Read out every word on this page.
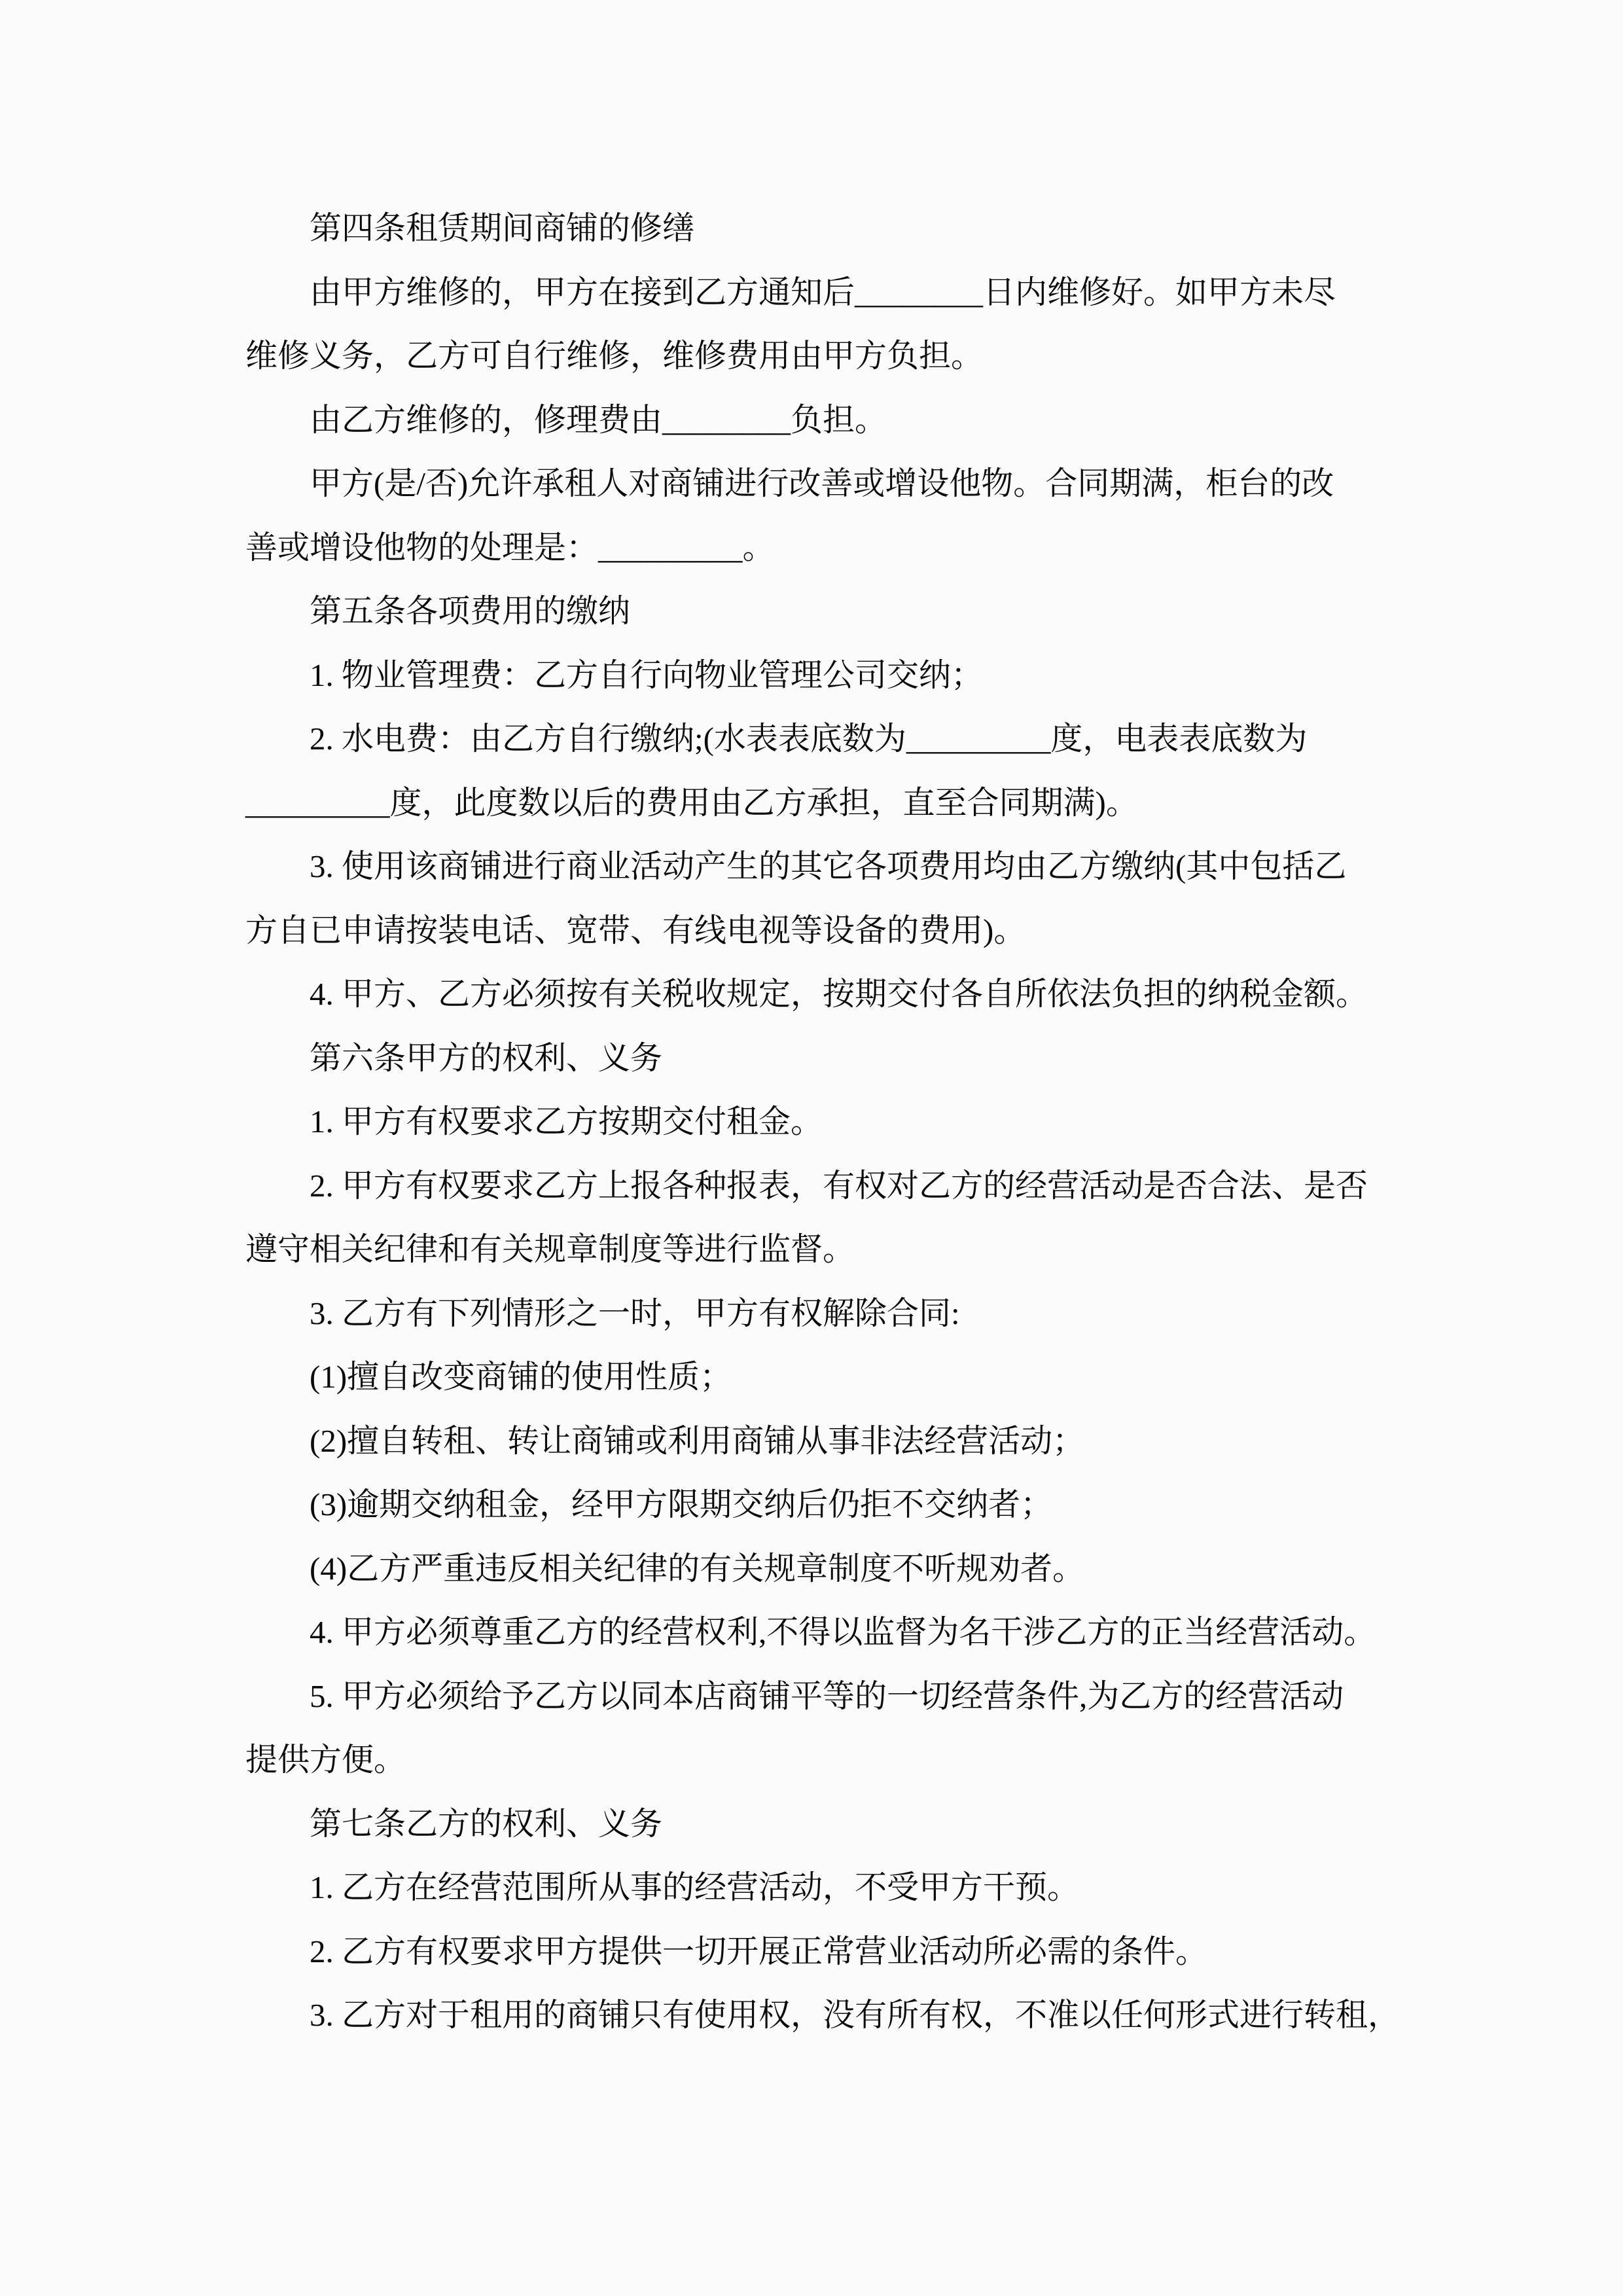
第四条租赁期间商铺的修缮
由甲方维修的，甲方在接到乙方通知后________日内维修好。如甲方未尽
维修义务，乙方可自行维修，维修费用由甲方负担。
由乙方维修的，修理费由________负担。
甲方(是/否)允许承租人对商铺进行改善或增设他物。合同期满，柜台的改
善或增设他物的处理是：_________。
第五条各项费用的缴纳
1. 物业管理费：乙方自行向物业管理公司交纳；
2. 水电费：由乙方自行缴纳;(水表表底数为_________度，电表表底数为
_________度，此度数以后的费用由乙方承担，直至合同期满)。
3. 使用该商铺进行商业活动产生的其它各项费用均由乙方缴纳(其中包括乙
方自已申请按装电话、宽带、有线电视等设备的费用)。
4. 甲方、乙方必须按有关税收规定，按期交付各自所依法负担的纳税金额。
第六条甲方的权利、义务
1. 甲方有权要求乙方按期交付租金。
2. 甲方有权要求乙方上报各种报表，有权对乙方的经营活动是否合法、是否
遵守相关纪律和有关规章制度等进行监督。
3. 乙方有下列情形之一时，甲方有权解除合同:
(1)擅自改变商铺的使用性质；
(2)擅自转租、转让商铺或利用商铺从事非法经营活动；
(3)逾期交纳租金，经甲方限期交纳后仍拒不交纳者；
(4)乙方严重违反相关纪律的有关规章制度不听规劝者。
4. 甲方必须尊重乙方的经营权利,不得以监督为名干涉乙方的正当经营活动。
5. 甲方必须给予乙方以同本店商铺平等的一切经营条件,为乙方的经营活动
提供方便。
第七条乙方的权利、义务
1. 乙方在经营范围所从事的经营活动，不受甲方干预。
2. 乙方有权要求甲方提供一切开展正常营业活动所必需的条件。
3. 乙方对于租用的商铺只有使用权，没有所有权，不准以任何形式进行转租，
